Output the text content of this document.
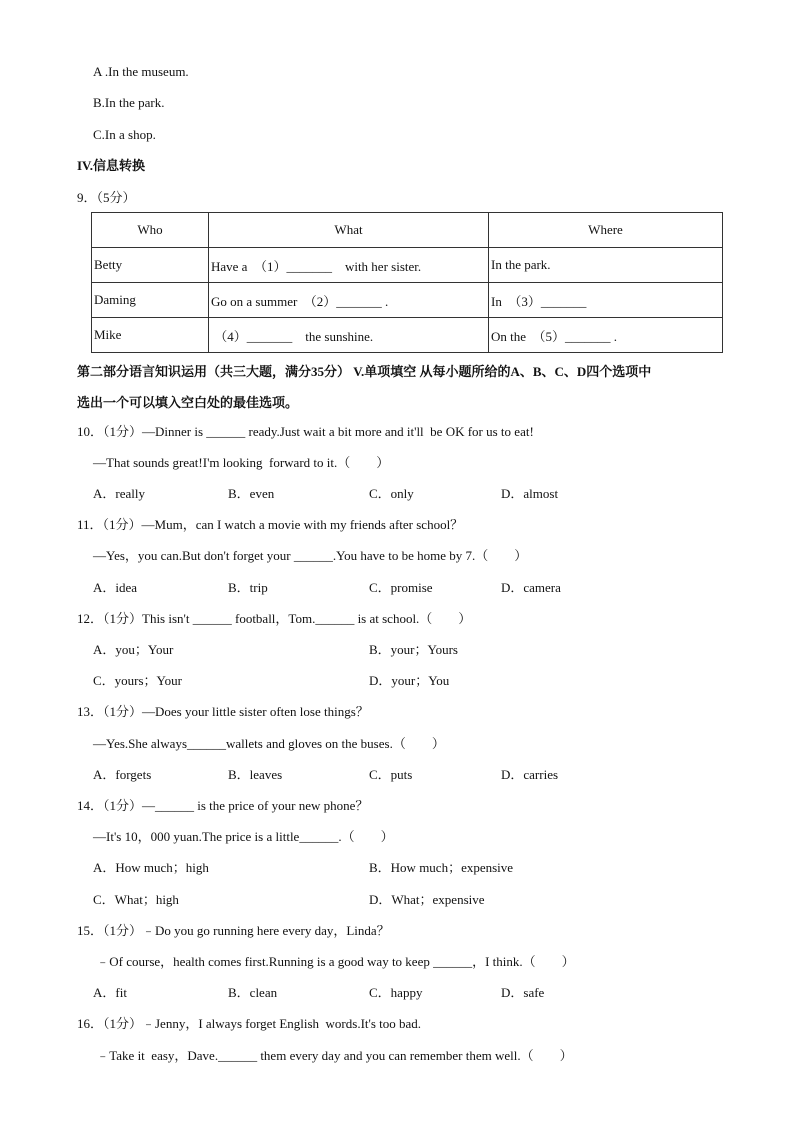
A .In the museum.
B.In the park.
C.In a shop.
IV.信息转换
9．（5分）
Who	What	Where
Betty	Have a  （1）_______    with her sister.	In the park.
Daming	Go on a summer  （2）_______ .	In  （3）_______
Mike	（4）_______    the sunshine.	On the  （5）_______ .
第二部分语言知识运用（共三大题，满分35分） V.单项填空 从每小题所给的A、B、C、D四个选项中
选出一个可以填入空白处的最佳选项。
10．（1分）—Dinner is ______ ready.Just wait a bit more and it'll  be OK for us to eat!
—That sounds great!I'm looking  forward to it.（　　）
A．really	B．even	C．only	D．almost
11．（1分）—Mum，can I watch a movie with my friends after school？
—Yes，you can.But don't forget your ______.You have to be home by 7.（　　）
A．idea	B．trip	C．promise	D．camera
12．（1分）This isn't ______ football，Tom.______ is at school.（　　）
A．you；Your	B．your；Yours
C．yours；Your	D．your；You
13．（1分）—Does your little sister often lose things？
—Yes.She always______wallets and gloves on the buses.（　　）
A．forgets	B．leaves	C．puts	D．carries
14．（1分）—______ is the price of your new phone？
—It's 10，000 yuan.The price is a little______.（　　）
A．How much；high	B．How much；expensive
C．What；high	D．What；expensive
15．（1分）﹣Do you go running here every day，Linda？
﹣Of course，health comes first.Running is a good way to keep ______，I think.（　　）
A．fit	B．clean	C．happy	D．safe
16．（1分）﹣Jenny，I always forget English  words.It's too bad.
﹣Take it  easy，Dave.______ them every day and you can remember them well.（　　）
